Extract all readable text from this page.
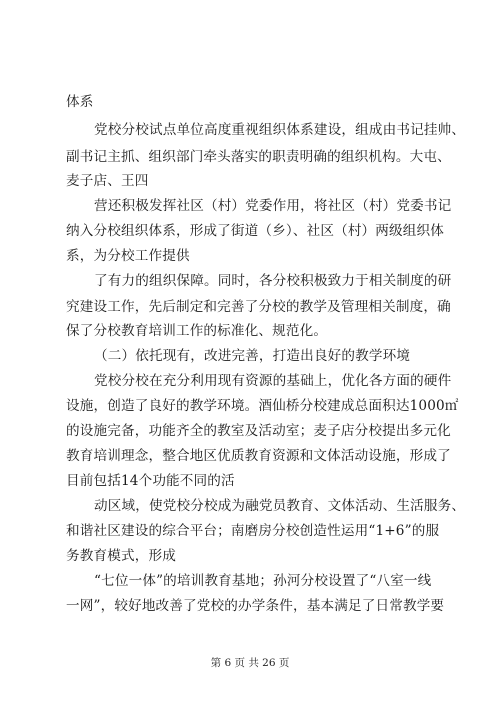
体系
党校分校试点单位高度重视组织体系建设，组成由书记挂帅、
副书记主抓、组织部门牵头落实的职责明确的组织机构。大屯、
麦子店、王四
营还积极发挥社区（村）党委作用，将社区（村）党委书记
纳入分校组织体系，形成了街道（乡）、社区（村）两级组织体
系，为分校工作提供
了有力的组织保障。同时，各分校积极致力于相关制度的研
究建设工作，先后制定和完善了分校的教学及管理相关制度，确
保了分校教育培训工作的标准化、规范化。
（二）依托现有，改进完善，打造出良好的教学环境
党校分校在充分利用现有资源的基础上，优化各方面的硬件
设施，创造了良好的教学环境。酒仙桥分校建成总面积达1000㎡
的设施完备，功能齐全的教室及活动室；麦子店分校提出多元化
教育培训理念，整合地区优质教育资源和文体活动设施，形成了
目前包括14个功能不同的活
动区域，使党校分校成为融党员教育、文体活动、生活服务、
和谐社区建设的综合平台；南磨房分校创造性运用“1+6”的服
务教育模式，形成
“七位一体”的培训教育基地；孙河分校设置了“八室一线
一网”，较好地改善了党校的办学条件，基本满足了日常教学要
第 6 页 共 26 页
